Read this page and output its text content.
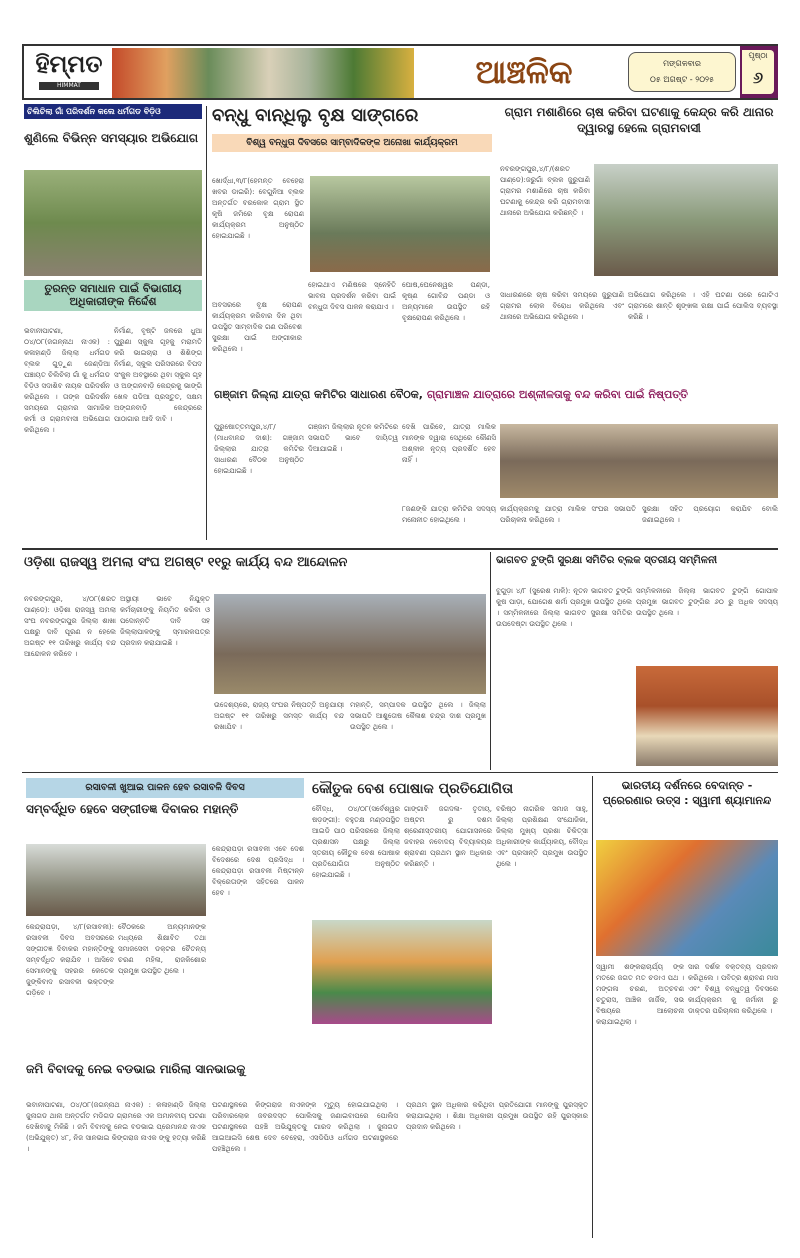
ହିମ୍ମତ
HIMMAT	ଆଞ୍ଚଳିକ	ମଙ୍ଗଳବାର
୦୫ ଅଗଷ୍ଟ - ୨୦୨୫
ପୃଷ୍ଠା
୬
ଚିଲିଚିଲା ଗାଁ ପରିଦର୍ଶନ କଲେ ଧର୍ମଗଡ ବିଡ଼ିଓ
ଶୁଣିଲେ ବିଭିନ୍ନ ସମସ୍ୟାର ଅଭିଯୋଗ
ତୁରନ୍ତ ସମାଧାନ ପାଇଁ ବିଭାଗୀୟ ଅଧିକାରୀଙ୍କ ନିର୍ଦ୍ଦେଶ
ଭବାନୀପାଟଣା, ୦୪/୦୮(ଜଗନ୍ନାଥ ନାଏକ) : କଳାହାଣ୍ଡି ଜିଲ୍ଲା ଧର୍ମଗଡ ବ୍ଲକ ଗୁଡ଼ୁଣ ଜେଣ୍ଡିଆ ପଞ୍ଚାୟତ ଚିଲିଚିଲା ଗାଁ କୁ ଧର୍ମଗଡ ବିଡ଼ିଓ ସଦାଶିବ ନାୟକ ପରିଦର୍ଶନ କରିଥିଲେ । ତାଙ୍କ ପରିଦର୍ଶନ ସମୟରେ ଗ୍ରାମର ସାମାଜିକ କର୍ମୀ ଓ ଗ୍ରାମବାସୀ ଅଭିଯୋଗ କରିଥିଲେ ।
ନିର୍ମାଣ, ବୃଷ୍ଟି ଜଳରେ ଧୁଆ ପୁରୁଣା ସ୍କୁଲ ଗୃହକୁ ମରାମତି କରି ଭାଇଚାରା ଓ ଶିଶିଙ୍ଗ ନିର୍ମାଣ, ସ୍କୁଲ ପରିସରରେ ବିପଦ ସଂକୁଳ ଅବସ୍ଥାରେ ଥିବା ସ୍କୁଲ ଗୃହ ଓ ଅଙ୍ଗନବାଡ଼ି କେନ୍ଦ୍ରକୁ ଭାଙ୍ଗି ଖେଳ ପଡିଆ ପ୍ରସ୍ତୁତ, ସକ୍ଷମ ଅଙ୍ଗନବାଡ଼ି କେନ୍ଦ୍ରରେ ପାଠାଗାର ଆଦି ଦାବି ।
ବନ୍ଧୁ ବାନ୍ଧିଲୁ ବୃକ୍ଷ ସାଙ୍ଗରେ
ବିଶ୍ୱ ବନ୍ଧୁତା ଦିବସରେ ସାମ୍ବାଦିକଙ୍କ ଅନୋଖା କାର୍ଯ୍ୟକ୍ରମ
ଖୋର୍ଦ୍ଧା,୩/୮(ହେମନ୍ତ ବେହେରା ଖବର ଡାଇରି): ବେଗୁନିଆ ବ୍ଲକ ଅନ୍ତର୍ଗତ ବରକୋଳ ଗ୍ରାମ ସ୍ଥିତ କୃଷି ଜମିରେ ବୃକ୍ଷ ରୋପଣ କାର୍ଯ୍ୟକ୍ରମ ଅନୁଷ୍ଠିତ ହୋଇଯାଇଛି ।
ଅବସରରେ ବୃକ୍ଷ ରୋପଣ କାର୍ଯ୍ୟକ୍ରମ କରିବାର ଦିନ ଥିବା ଉପସ୍ଥିତ ସାମ୍ବାଦିକ ଗଣ ପରିବେଶ ସୁରକ୍ଷା ପାଇଁ ଅଙ୍ଗୀକାର କରିଥିଲେ ।
ହୋଇଥାଏ ମଣିଷରେ ସ୍ନେହିତି ଭାବନା ପ୍ରଦର୍ଶନ କରିବା ପାଇଁ ବନ୍ଧୁତା ଦିବସ ପାଳନ କରାଯାଏ ।
ଘୋଷ,ଘେନେଶ୍ୱର ପଣ୍ଡା, କୃଷ୍ଣ ଗୋବିନ୍ଦ ପଣ୍ଡା ଓ ଅନ୍ୟମାନେ ଉପସ୍ଥିତ ରହି ବୃକ୍ଷରୋପଣ କରିଥିଲେ ।
ଗ୍ରାମ ମଶାଣିରେ ଚାଷ କରିବା ଘଟଣାକୁ କେନ୍ଦ୍ର କରି ଥାନାର ଦ୍ୱାରସ୍ଥ ହେଲେ ଗ୍ରାମବାସୀ
ନବରଙ୍ଗପୁର,୪/୮/(ଶରତ ପାଣ୍ଡେ):ଜରୁଗାଁ ବ୍ଲକ ଜୁରୁପାଣି ଗ୍ରାମର ମଶାଣିରେ ଚାଷ କରିବା ଘଟଣାକୁ କେନ୍ଦ୍ର କରି ଗ୍ରାମବାସୀ ଥାନାରେ ଅଭିଯୋଗ କରିଛନ୍ତି ।
ସାଧାରଣରେ ଚାଷ କରିବା ସମୟରେ ଜୁରୁପାଣି ଗ୍ରାମର ଲୋକ ବିରୋଧ କରିଥିଲେ ଏବଂ ଥାନାରେ ଅଭିଯୋଗ କରିଥିଲେ ।
ଅଭିଯୋଗ କରିଥିଲେ । ଏହି ଘଟଣା ପରେ ଗୋଟିଏ ଗ୍ରାମରେ ଶାନ୍ତି ଶୃଙ୍ଖଳା ରକ୍ଷା ପାଇଁ ପୋଲିସ ବ୍ୟବସ୍ଥା କରିଛି ।
ଗଞ୍ଜାମ ଜିଲ୍ଲା ଯାତ୍ରା କମିଟିର ସାଧାରଣ ବୈଠକ, ଗ୍ରାମାଞ୍ଚଳ ଯାତ୍ରାରେ ଅଶ୍ଳୀଳତାକୁ ବନ୍ଦ କରିବା ପାଇଁ ନିଷ୍ପତ୍ତି
ପୁରୁଷୋତ୍ତମପୁର,୪/୮/ (ମାଧବାନନ୍ଦ ଦାଶ): ଗଞ୍ଜାମ ଜିଲ୍ଲାର ଯାତ୍ରା କମିଟିର ସାଧାରଣ ବୈଠକ ଅନୁଷ୍ଠିତ ହୋଇଯାଇଛି ।
ଗଞ୍ଜାମ ଜିଲ୍ଲାର ନୂତନ କମିଟିରେ ସଭାପତି ଭାବେ ଦାୟିତ୍ୱ ଦିଆଯାଇଛି ।
ଦେଖି ପାରିବେ, ଯାତ୍ରା ମାଲିକ ମାନଙ୍କ ଦ୍ୱାରା ସେଥିରେ କୌଣସି ଅଶ୍ଳୀଳ ନୃତ୍ୟ ପ୍ରଦର୍ଶିତ ହେବ ନାହିଁ ।
୮ଜଣଙ୍କି ଯାତ୍ରା କମିଟିର ସଦସ୍ୟ ମନୋନୀତ ହୋଇଥିଲେ ।
କାର୍ଯ୍ୟକ୍ରମକୁ ଯାତ୍ରା ମାଲିକ ସଂଘର ସଭାପତି ପରିଚାଳନା କରିଥିଲେ ।
ସୁରକ୍ଷା ସହିତ ପ୍ରୟୋଗ କରାଯିବ ବୋଲି ଜଣାଇଥିଲେ ।
ଓଡ଼ିଶା ରାଜସ୍ୱ ଅମଲା ସଂଘ ଅଗଷ୍ଟ ୧୧ରୁ କାର୍ଯ୍ୟ ବନ୍ଦ ଆନ୍ଦୋଳନ
ନବରଙ୍ଗପୁର, ୪/୦୮(ଶରତ ପାଣ୍ଡେ): ଓଡ଼ିଶା ରାଜସ୍ୱ ଅମଲା ସଂଘ ନବରଙ୍ଗପୁର ଜିଲ୍ଲା ଶାଖା ପକ୍ଷରୁ ଦାବି ପୂରଣ ନ ହେଲେ ଅଗଷ୍ଟ ୧୧ ତାରିଖରୁ କାର୍ଯ୍ୟ ବନ୍ଦ ଆନ୍ଦୋଳନ କରିବେ ।
ଅସ୍ଥାୟୀ ଭାବେ ନିଯୁକ୍ତ କର୍ମଚାରୀଙ୍କୁ ନିୟମିତ କରିବା ଓ ପଦୋନ୍ନତି ଦାବି ସହ ଜିଲ୍ଲାପାଳଙ୍କୁ ସ୍ମାରକପତ୍ର ପ୍ରଦାନ କରାଯାଇଛି ।
ଉଦ୍ଦେଶ୍ୟରେ, ରାଜ୍ୟ ସଂଘର ନିଷ୍ପତ୍ତି ଅନୁଯାୟୀ ଅଗଷ୍ଟ ୧୧ ତାରିଖରୁ ସମସ୍ତ କାର୍ଯ୍ୟ ବନ୍ଦ ରଖାଯିବ ।
ମହାନ୍ତି, ସମ୍ପାଦକ ଉପସ୍ଥିତ ଥିଲେ । ଜିଲ୍ଲା ସଭାପତି ଆଶୁତୋଷ କୈଳାଶ ଚନ୍ଦ୍ର ଦାଶ ପ୍ରମୁଖ ଉପସ୍ଥିତ ଥିଲେ ।
ଭାଗବତ ଟୁଙ୍ଗି ସୁରକ୍ଷା ସମିତିର ବ୍ଲକ ସ୍ତରୀୟ ସମ୍ମିଳନୀ
ବୁଗୁଡ଼ା ୪/୮ (ସୁରେଶ ମାଳି): ନୂତନ ଭାଗବତ ଟୁଙ୍ଗି କୁଷ ପାଡ଼ା, ଯୋଗେଶ ଶର୍ମା ପ୍ରମୁଖ ଉପସ୍ଥିତ ଥିଲେ । ସମ୍ମିଳନୀରେ ଜିଲ୍ଲା ଭାଗବତ ସୁରକ୍ଷା ସମିତିର ଉପଦେଷ୍ଟା ଉପସ୍ଥିତ ଥିଲେ ।
ସମ୍ମିଳନୀରେ ଜିଲ୍ଲା ଭାଗବତ ଟୁଙ୍ଗି ଗୋପାଳ ପ୍ରମୁଖ ଭାଗବତ ଟୁଙ୍ଗିର ୬୦ ରୁ ଅଧିକ ସଦସ୍ୟ ଉପସ୍ଥିତ ଥିଲେ ।
ରସାବଳୀ ଖୁଆଇ ପାଳନ ହେବ ରସାବଳି ଦିବସ
ସମ୍ବର୍ଦ୍ଧିତ ହେବେ ସଙ୍ଗୀତଜ୍ଞ ଦିବାକର ମହାନ୍ତି
କେନ୍ଦ୍ରାପଡ଼ା ରସାବଳୀ ଏବେ ଦେଶ ବିଦେଶରେ ଦେଶ ପ୍ରସିଦ୍ଧ । କେନ୍ଦ୍ରାପଡ଼ା ରସାବଳୀ ମିଷ୍ଟାନ୍ନ ବିକ୍ରେତାଙ୍କ ସହିତରେ ପାଳନ ହେବ ।
କେନ୍ଦ୍ରାପଡ଼ା, ୪/୮(ରସାବଳୀ): ରସାବଳୀ ଦିବସ ଅବସରରେ ସଙ୍ଗୀତଜ୍ଞ ଦିବାକର ମହାନ୍ତିଙ୍କୁ ସମ୍ବର୍ଦ୍ଧିତ କରାଯିବ । ଆସିବେ ସେମାନଙ୍କୁ ସହରର କେତେକ ଜୁଙ୍କିବାଦ ରସାବଳୀ ଭକ୍ତଙ୍କ ଗଡ଼ିବେ ।
ବୈଠକରେ ଅନ୍ୟମାନଙ୍କ ମଧ୍ୟରେ ଶିକ୍ଷାବିତ ତଥା ସମାଜସେବୀ ଡକ୍ଟର ଚୈତନ୍ୟ ଚରଣ ମହିଳା, ରାଜକିଶୋର ପ୍ରମୁଖ ଉପସ୍ଥିତ ଥିଲେ ।
କୌତୁକ ବେଶ ପୋଷାକ ପ୍ରତିଯୋଗିତା
ବୌଦ୍ଧ, ୦୪/୦୮(ସର୍ବେଶ୍ୱର ଷଡ଼ଙ୍ଗୀ): ବହୁତକ୍ଷ ମଣ୍ଡପସ୍ଥିତ ଆଇଡି ପାଠ ପରିସରରେ ଜିଲ୍ଲା ପ୍ରଶାସନ ପକ୍ଷରୁ ଜିଲ୍ଲା ସ୍ତରୀୟ କୌତୁକ ବେଶ ପୋଷାକ ପ୍ରତିଯୋଗିତା ଅନୁଷ୍ଠିତ ହୋଇଯାଇଛି ।
ଗାଙ୍ଗାବି ଜଗଦଳା- ତୃତୀୟ, ଅଷ୍ଟମ ରୁ ଦଶମ ଶ୍ରେଣୀସ୍ତରୀୟ ଯୋଗାସନରେ ଜବାହର ନବୋଦୟ ବିଦ୍ୟାଳୟର ଶ୍ରାବଣୀ ପ୍ରଥମ ସ୍ଥାନ ଅଧିକାର କରିଛନ୍ତି ।
ବରିଷ୍ଠ ନାଗରିକ ସମାଜ ସାହୁ, ଜିଲ୍ଲା ପ୍ରଶିକ୍ଷଣ ସଂଯୋଜିକା, ଜିଲ୍ଲା ମୁଖ୍ୟ ପ୍ରଶା ଚିକିତ୍ସା ଅଧିକାରୀଙ୍କ କାର୍ଯ୍ୟାଳୟ, ବୌଦ୍ଧ ଏବଂ ପ୍ରସାନ୍ତି ପ୍ରମୁଖ ଉପସ୍ଥିତ ଥିଲେ ।
ଭାରତୀୟ ଦର୍ଶନରେ ବେଦାନ୍ତ - ପ୍ରେରଣାର ଉତ୍ସ : ସ୍ୱାମୀ ଶ୍ୟାମାନନ୍ଦ
ସ୍ୱାମୀ ଶଙ୍କରାଚାର୍ଯ୍ୟ ଙ୍କ ମତରେ ଜଗତ ମତ ଚଡାଏ ପଥ । ମଙ୍ଗଳା ଚରଣ, ଅତ୍ଚବଣ ଚତୁରାସ, ଆଞ୍ଚିକ ଜାର୍ଜିକ, ସଭ ବିଷୟରେ ଆଲୋଚନା କରାଯାଇଥିଲା ।
ସାର ଦର୍ଶକ ବକ୍ତବ୍ୟ ପ୍ରଦାନ କରିଥିଲେ । ପବିତ୍ର ଶ୍ରାବଣ ମାସ ଏବଂ ବିଶ୍ୱ ବନ୍ଧୁତ୍ୱ ଦିବସରେ କାର୍ଯ୍ୟକ୍ରମ କୁ ଜର୍ମାନୀ ରୁ ଡାକ୍ତର ପରିଚାଳନା କରିଥିଲେ ।
ଜମି ବିବାଦକୁ ନେଇ ବଡଭାଇ ମାରିଲା ସାନଭାଇକୁ
ଭବାନୀପାଟଣା, ୦୪/୦୮(ଜଗନ୍ନାଥ ନାଏକ) : କଳାହାଣ୍ଡି ଜିଲ୍ଲା ଜୁନାଗଡ ଥାନା ଅନ୍ତର୍ଗତ ମଡିଗଡ ଗ୍ରାମରେ ଏକ ଅମାନବୀୟ ଘଟଣା ଦେଖିବାକୁ ମିଳିଛି । ଜମି ବିବାଦକୁ ନେଇ ବଡଭାଇ ପ୍ରେମାନନ୍ଦ ନାଏକ (ଅଭିଯୁକ୍ତ) ୪୮, ନିଜ ସାନଭାଇ କିଙ୍ଗରାଜ ନାଏକ ଙ୍କୁ ହତ୍ୟା କରିଛି ।
ଘଟଣାସ୍ଥଳରେ କିଙ୍ଗରାଜ ନାଏକଙ୍କ ମୃତ୍ୟୁ ହୋଇଯାଇଥିଲା । ପରିବାରଲୋକ ଜବରଦସ୍ତ ପୋଲିସକୁ ଜଣାଇବାପରେ ପୋଲିସ ଘଟଣାସ୍ଥଳରେ ପହଞ୍ଚି ଅଭିଯୁକ୍ତକୁ ଗାରଦ କରିଥିଲା । ଜୁନାଗଡ ଆଇଆଇସି ଶେଷ ଦେବ ବେହେରା, ଏସଡିପିଓ ଧର୍ମଗଡ ଘଟଣାସ୍ଥଳରେ ପହଞ୍ଚିଥିଲେ ।
ପ୍ରଥମ ସ୍ଥାନ ଅଧିକାର କରିଥିବା ପ୍ରତିଯୋଗୀ ମାନଙ୍କୁ ପୁରସ୍କୃତ କରାଯାଇଥିଲା । ଶିକ୍ଷା ଅଧିକାରୀ ପ୍ରମୁଖ ଉପସ୍ଥିତ ରହି ପୁରସ୍କାର ପ୍ରଦାନ କରିଥିଲେ ।
